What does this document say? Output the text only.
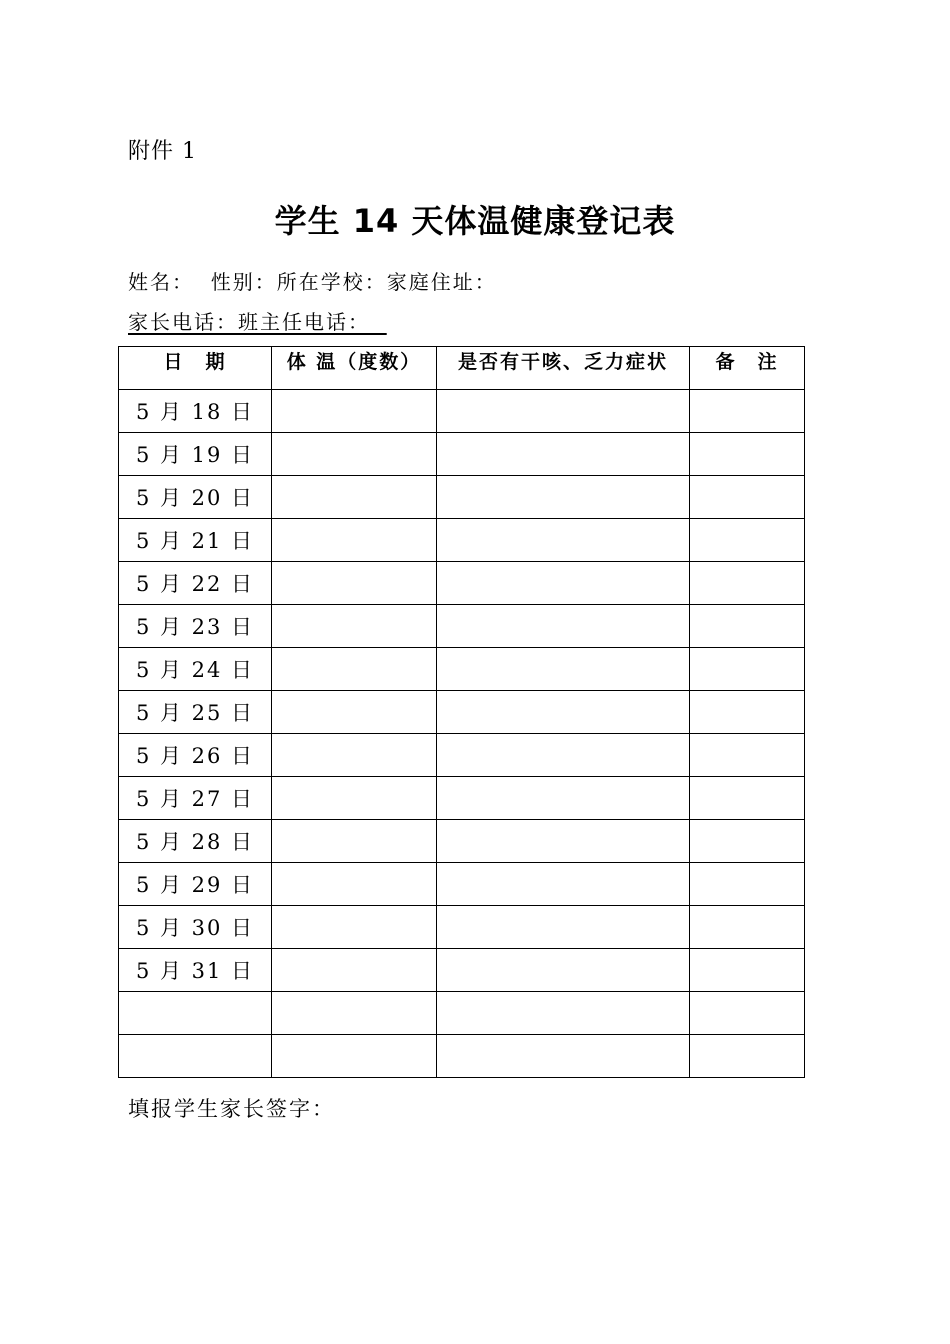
附件 1
学生 14 天体温健康登记表
姓名：  性别：所在学校：家庭住址：
家长电话：班主任电话：
日　期	体 温（度数）	是否有干咳、乏力症状	备　注

5 月 18 日			
5 月 19 日			
5 月 20 日			
5 月 21 日			
5 月 22 日			
5 月 23 日			
5 月 24 日			
5 月 25 日			
5 月 26 日			
5 月 27 日			
5 月 28 日			
5 月 29 日			
5 月 30 日			
5 月 31 日			

填报学生家长签字：
